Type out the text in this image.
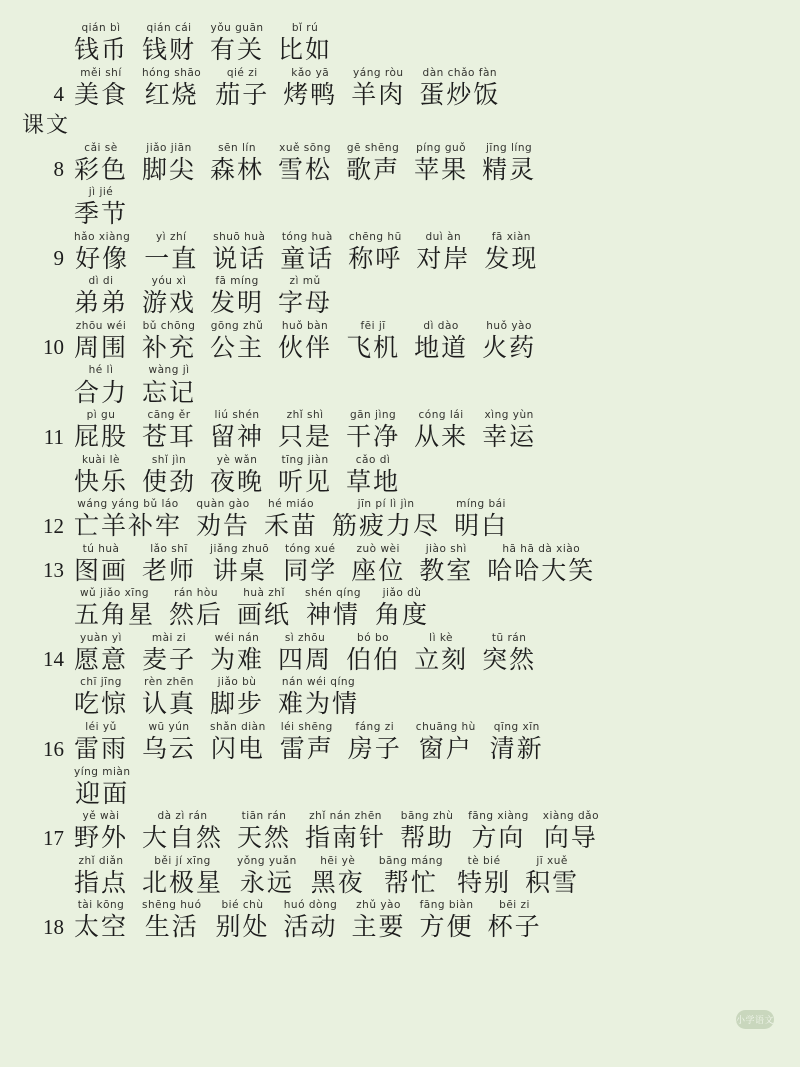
qián bì
钱币
qián cái
钱财
yǒu guān
有关
bǐ rú
比如
4
měi shí
美食
hóng shāo
红烧
qié zi
茄子
kǎo yā
烤鸭
yáng ròu
羊肉
dàn chǎo fàn
蛋炒饭
课文
8
cǎi sè
彩色
jiǎo jiān
脚尖
sēn lín
森林
xuě sōng
雪松
gē shēng
歌声
píng guǒ
苹果
jīng líng
精灵
jì jié
季节
9
hǎo xiàng
好像
yì zhí
一直
shuō huà
说话
tóng huà
童话
chēng hū
称呼
duì àn
对岸
fā xiàn
发现
dì di
弟弟
yóu xì
游戏
fā míng
发明
zì mǔ
字母
10
zhōu wéi
周围
bǔ chōng
补充
gōng zhǔ
公主
huǒ bàn
伙伴
fēi jī
飞机
dì dào
地道
huǒ yào
火药
hé lì
合力
wàng jì
忘记
11
pì gu
屁股
cāng ěr
苍耳
liú shén
留神
zhǐ shì
只是
gān jìng
干净
cóng lái
从来
xìng yùn
幸运
kuài lè
快乐
shǐ jìn
使劲
yè wǎn
夜晚
tīng jiàn
听见
cǎo dì
草地
12
wáng yáng bǔ láo
亡羊补牢
quàn gào
劝告
hé miáo
禾苗
jīn pí lì jìn
筋疲力尽
míng bái
明白
13
tú huà
图画
lǎo shī
老师
jiǎng zhuō
讲桌
tóng xué
同学
zuò wèi
座位
jiào shì
教室
hā hā dà xiào
哈哈大笑
wǔ jiǎo xīng
五角星
rán hòu
然后
huà zhǐ
画纸
shén qíng
神情
jiǎo dù
角度
14
yuàn yì
愿意
mài zi
麦子
wéi nán
为难
sì zhōu
四周
bó bo
伯伯
lì kè
立刻
tū rán
突然
chī jīng
吃惊
rèn zhēn
认真
jiǎo bù
脚步
nán wéi qíng
难为情
16
léi yǔ
雷雨
wū yún
乌云
shǎn diàn
闪电
léi shēng
雷声
fáng zi
房子
chuāng hù
窗户
qīng xīn
清新
yíng miàn
迎面
17
yě wài
野外
dà zì rán
大自然
tiān rán
天然
zhǐ nán zhēn
指南针
bāng zhù
帮助
fāng xiàng
方向
xiàng dǎo
向导
zhǐ diǎn
指点
běi jí xīng
北极星
yǒng yuǎn
永远
hēi yè
黑夜
bāng máng
帮忙
tè bié
特别
jī xuě
积雪
18
tài kōng
太空
shēng huó
生活
bié chù
别处
huó dòng
活动
zhǔ yào
主要
fāng biàn
方便
bēi zi
杯子
小学语文
